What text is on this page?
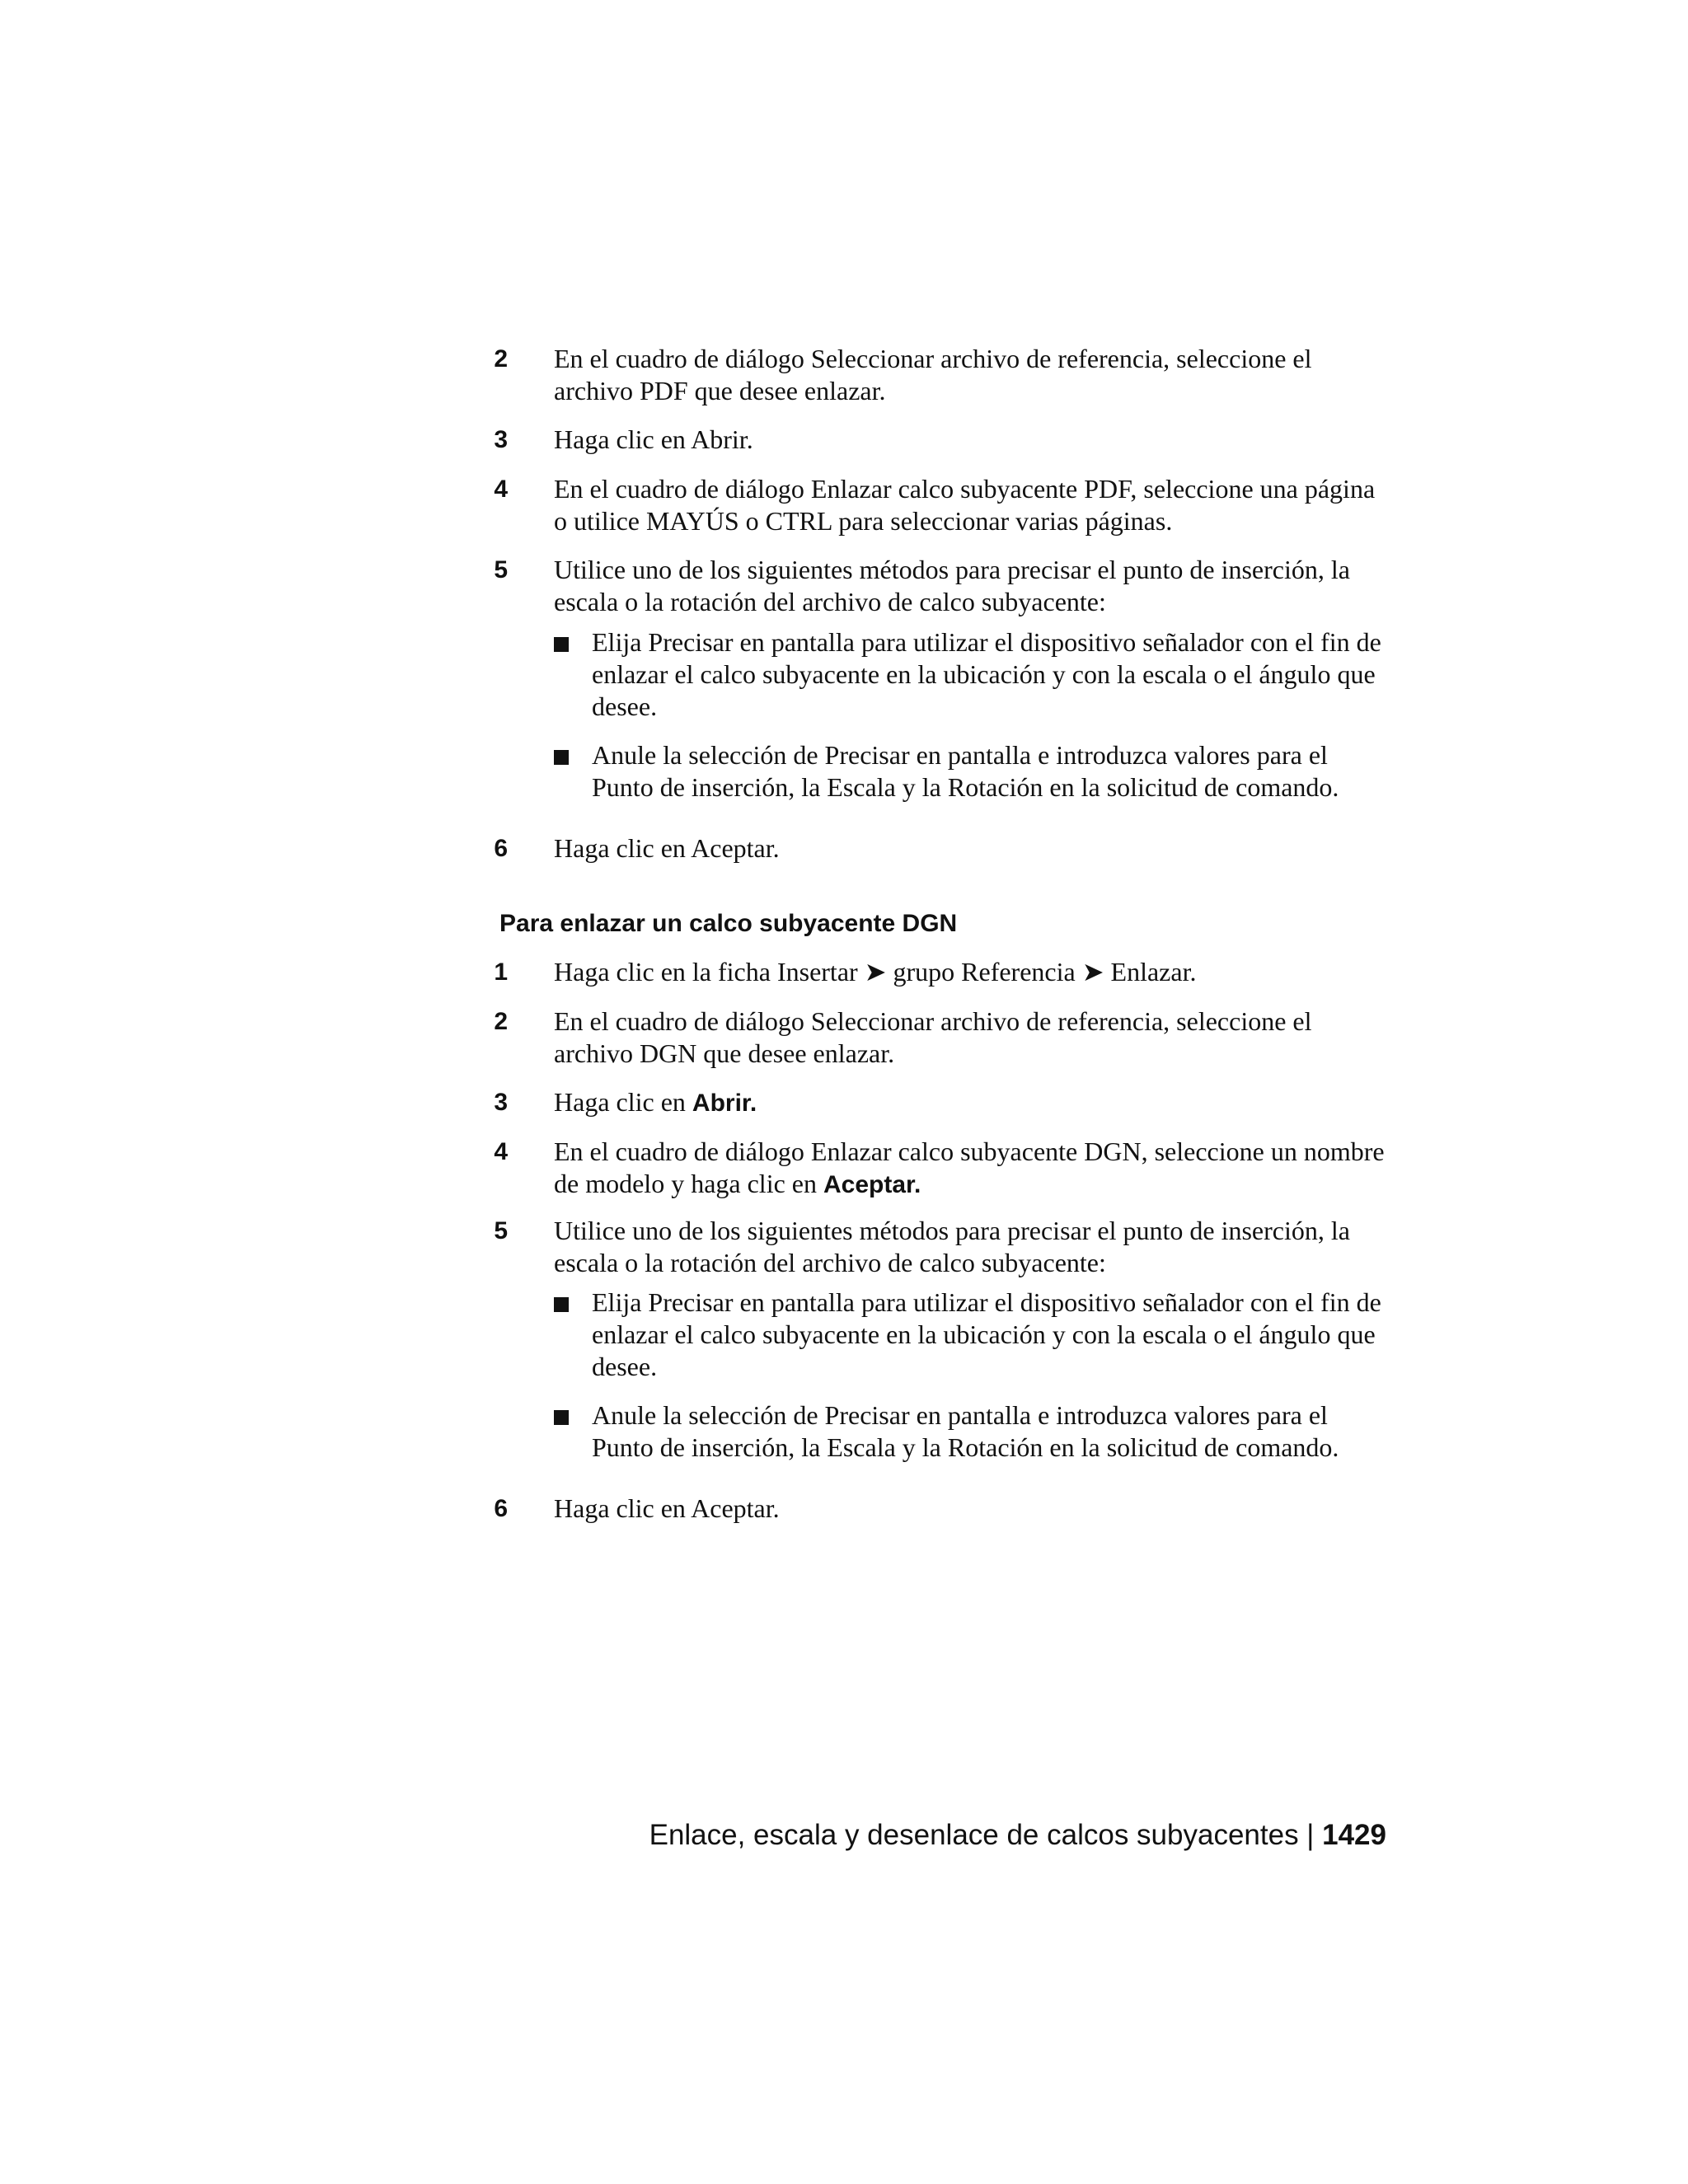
2 En el cuadro de diálogo Seleccionar archivo de referencia, seleccione el archivo PDF que desee enlazar.
3 Haga clic en Abrir.
4 En el cuadro de diálogo Enlazar calco subyacente PDF, seleccione una página o utilice MAYÚS o CTRL para seleccionar varias páginas.
5 Utilice uno de los siguientes métodos para precisar el punto de inserción, la escala o la rotación del archivo de calco subyacente:
Elija Precisar en pantalla para utilizar el dispositivo señalador con el fin de enlazar el calco subyacente en la ubicación y con la escala o el ángulo que desee.
Anule la selección de Precisar en pantalla e introduzca valores para el Punto de inserción, la Escala y la Rotación en la solicitud de comando.
6 Haga clic en Aceptar.
Para enlazar un calco subyacente DGN
1 Haga clic en la ficha Insertar ➤ grupo Referencia ➤ Enlazar.
2 En el cuadro de diálogo Seleccionar archivo de referencia, seleccione el archivo DGN que desee enlazar.
3 Haga clic en Abrir.
4 En el cuadro de diálogo Enlazar calco subyacente DGN, seleccione un nombre de modelo y haga clic en Aceptar.
5 Utilice uno de los siguientes métodos para precisar el punto de inserción, la escala o la rotación del archivo de calco subyacente:
Elija Precisar en pantalla para utilizar el dispositivo señalador con el fin de enlazar el calco subyacente en la ubicación y con la escala o el ángulo que desee.
Anule la selección de Precisar en pantalla e introduzca valores para el Punto de inserción, la Escala y la Rotación en la solicitud de comando.
6 Haga clic en Aceptar.
Enlace, escala y desenlace de calcos subyacentes | 1429
